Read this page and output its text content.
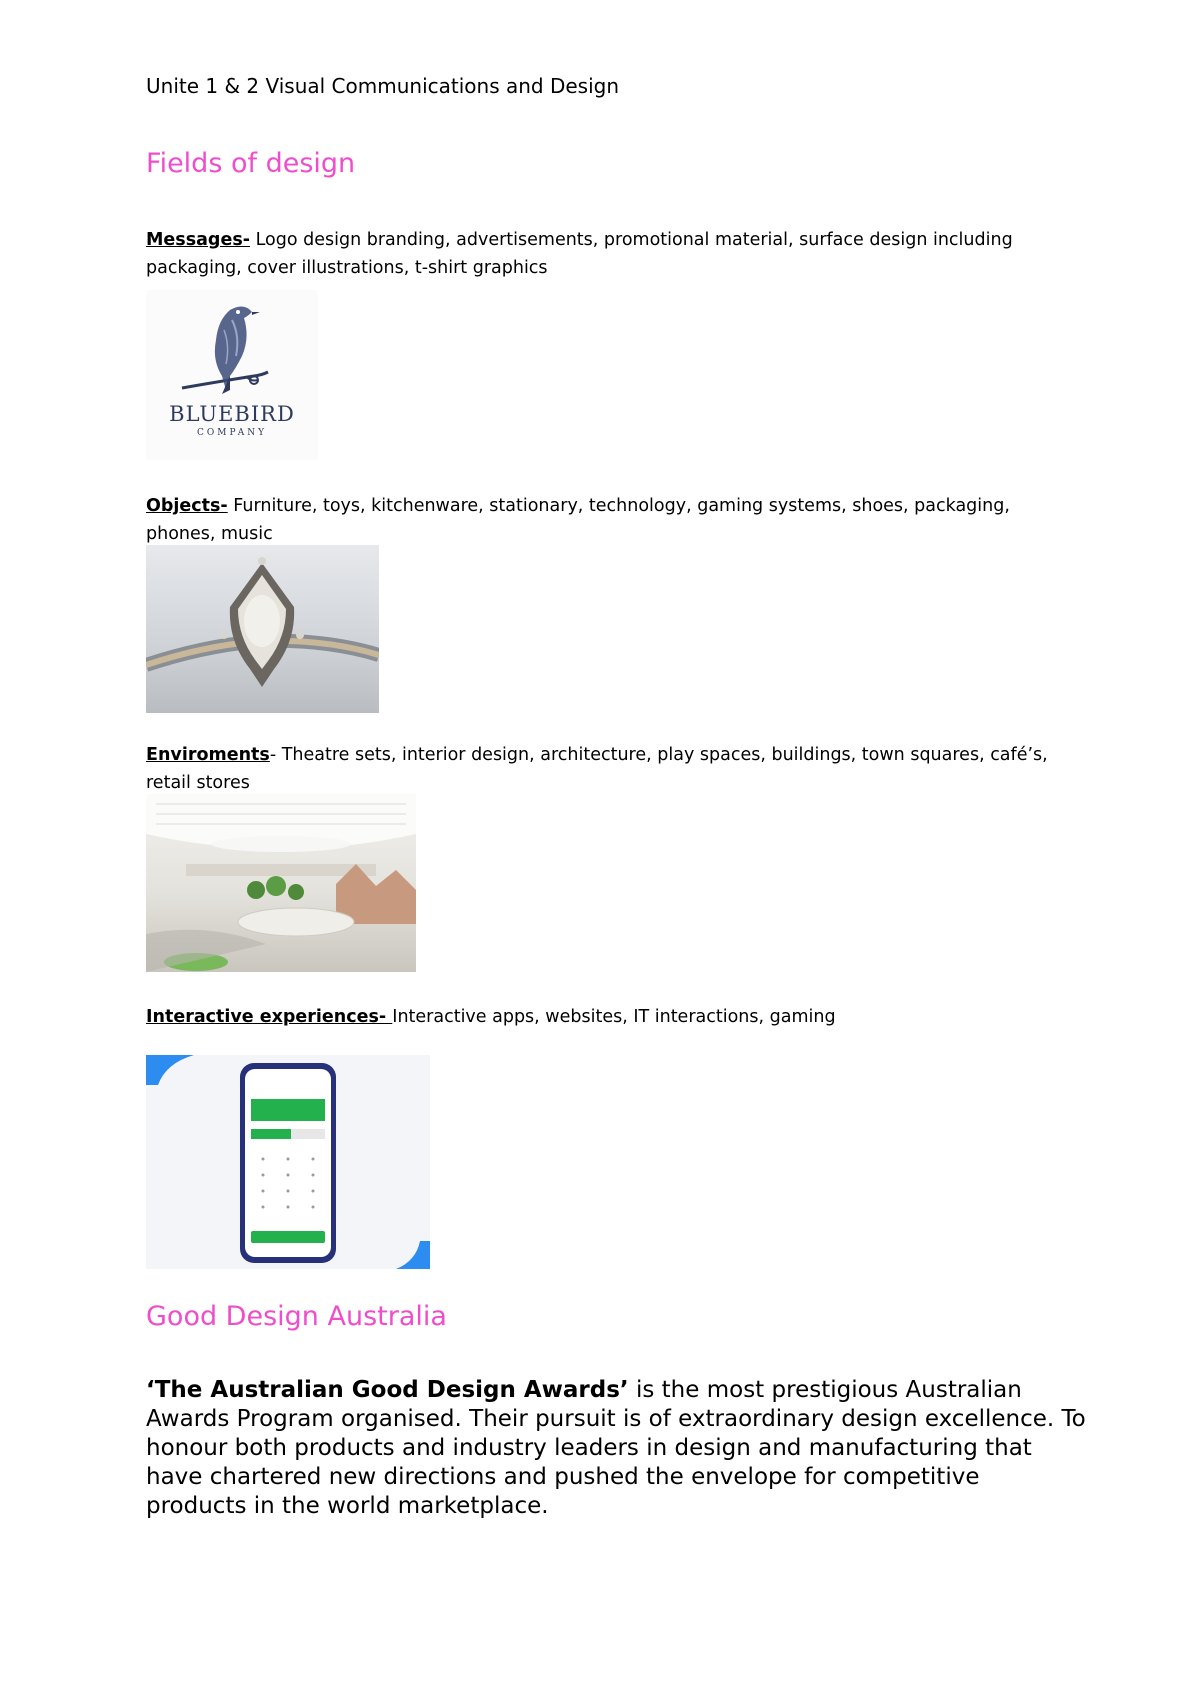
Unite 1 & 2 Visual Communications and Design
Fields of design
Messages- Logo design branding, advertisements, promotional material, surface design including packaging, cover illustrations, t-shirt graphics
BLUEBIRD
COMPANY
Objects- Furniture, toys, kitchenware, stationary, technology, gaming systems, shoes, packaging, phones, music
Enviroments- Theatre sets, interior design, architecture, play spaces, buildings, town squares, café’s, retail stores
Interactive experiences- Interactive apps, websites, IT interactions, gaming
Good Design Australia
‘The Australian Good Design Awards’ is the most prestigious Australian Awards Program organised. Their pursuit is of extraordinary design excellence. To honour both products and industry leaders in design and manufacturing that have chartered new directions and pushed the envelope for competitive products in the world marketplace.
